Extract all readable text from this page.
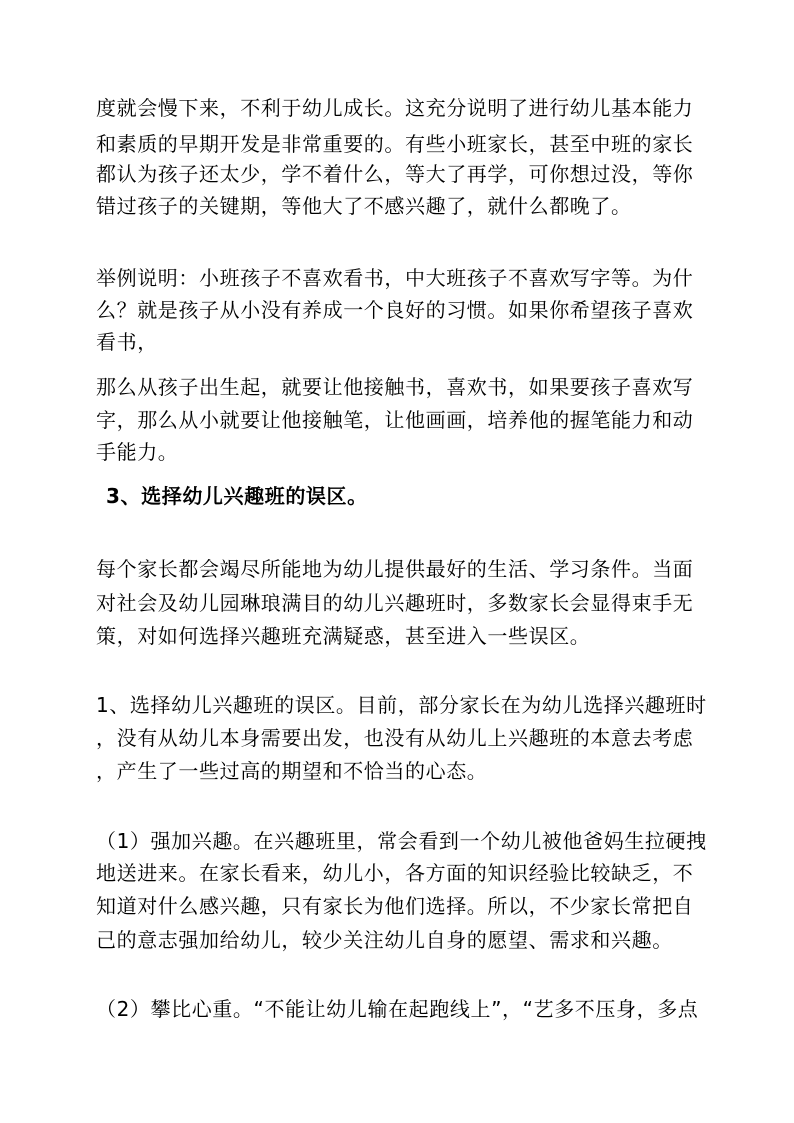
度就会慢下来，不利于幼儿成长。这充分说明了进行幼儿基本能力
和素质的早期开发是非常重要的。有些小班家长，甚至中班的家长
都认为孩子还太少，学不着什么，等大了再学，可你想过没，等你
错过孩子的关键期，等他大了不感兴趣了，就什么都晚了。
举例说明：小班孩子不喜欢看书，中大班孩子不喜欢写字等。为什
么？就是孩子从小没有养成一个良好的习惯。如果你希望孩子喜欢
看书，
那么从孩子出生起，就要让他接触书，喜欢书，如果要孩子喜欢写
字，那么从小就要让他接触笔，让他画画，培养他的握笔能力和动
手能力。
3、选择幼儿兴趣班的误区。
每个家长都会竭尽所能地为幼儿提供最好的生活、学习条件。当面
对社会及幼儿园琳琅满目的幼儿兴趣班时，多数家长会显得束手无
策，对如何选择兴趣班充满疑惑，甚至进入一些误区。
1、选择幼儿兴趣班的误区。目前，部分家长在为幼儿选择兴趣班时
，没有从幼儿本身需要出发，也没有从幼儿上兴趣班的本意去考虑
，产生了一些过高的期望和不恰当的心态。
（1）强加兴趣。在兴趣班里，常会看到一个幼儿被他爸妈生拉硬拽
地送进来。在家长看来，幼儿小，各方面的知识经验比较缺乏，不
知道对什么感兴趣，只有家长为他们选择。所以，不少家长常把自
己的意志强加给幼儿，较少关注幼儿自身的愿望、需求和兴趣。
（2）攀比心重。“不能让幼儿输在起跑线上”，“艺多不压身，多点
